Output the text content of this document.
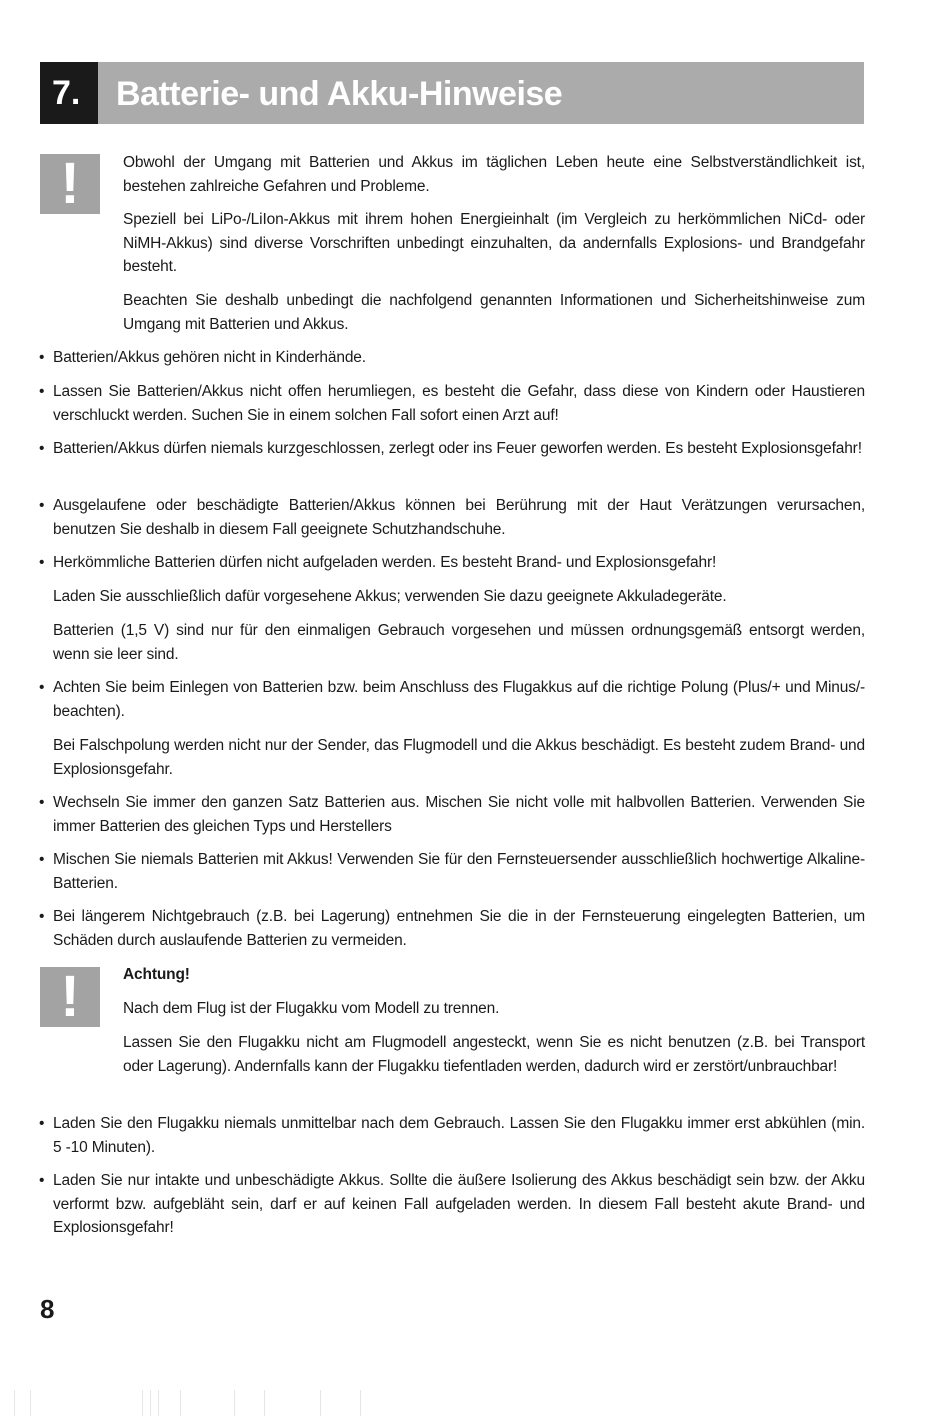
7.	Batterie- und Akku-Hinweise
!	Obwohl der Umgang mit Batterien und Akkus im täglichen Leben heute eine Selbstverständlichkeit ist, bestehen zahlreiche Gefahren und Probleme.
Speziell bei LiPo-/LiIon-Akkus mit ihrem hohen Energieinhalt (im Vergleich zu herkömmlichen NiCd- oder NiMH-Akkus) sind diverse Vorschriften unbedingt einzuhalten, da andernfalls Explosions- und Brandgefahr besteht.
Beachten Sie deshalb unbedingt die nachfolgend genannten Informationen und Sicherheitshinweise zum Umgang mit Batterien und Akkus.
• Batterien/Akkus gehören nicht in Kinderhände.
• Lassen Sie Batterien/Akkus nicht offen herumliegen, es besteht die Gefahr, dass diese von Kindern oder Haustieren verschluckt werden. Suchen Sie in einem solchen Fall sofort einen Arzt auf!
• Batterien/Akkus dürfen niemals kurzgeschlossen, zerlegt oder ins Feuer geworfen werden. Es besteht Explosionsgefahr!
• Ausgelaufene oder beschädigte Batterien/Akkus können bei Berührung mit der Haut Verätzungen verursachen, benutzen Sie deshalb in diesem Fall geeignete Schutzhandschuhe.
• Herkömmliche Batterien dürfen nicht aufgeladen werden. Es besteht Brand- und Explosionsgefahr!
Laden Sie ausschließlich dafür vorgesehene Akkus; verwenden Sie dazu geeignete Akkuladegeräte.
Batterien (1,5 V) sind nur für den einmaligen Gebrauch vorgesehen und müssen ordnungsgemäß entsorgt werden, wenn sie leer sind.
• Achten Sie beim Einlegen von Batterien bzw. beim Anschluss des Flugakkus auf die richtige Polung (Plus/+ und Minus/- beachten).
Bei Falschpolung werden nicht nur der Sender, das Flugmodell und die Akkus beschädigt. Es besteht zudem Brand- und Explosionsgefahr.
• Wechseln Sie immer den ganzen Satz Batterien aus. Mischen Sie nicht volle mit halbvollen Batterien. Verwenden Sie immer Batterien des gleichen Typs und Herstellers
• Mischen Sie niemals Batterien mit Akkus! Verwenden Sie für den Fernsteuersender ausschließlich hochwertige Alkaline-Batterien.
• Bei längerem Nichtgebrauch (z.B. bei Lagerung) entnehmen Sie die in der Fernsteuerung eingelegten Batterien, um Schäden durch auslaufende Batterien zu vermeiden.
!	Achtung!
Nach dem Flug ist der Flugakku vom Modell zu trennen.
Lassen Sie den Flugakku nicht am Flugmodell angesteckt, wenn Sie es nicht benutzen (z.B. bei Transport oder Lagerung). Andernfalls kann der Flugakku tiefentladen werden, dadurch wird er zerstört/unbrauchbar!
• Laden Sie den Flugakku niemals unmittelbar nach dem Gebrauch. Lassen Sie den Flugakku immer erst abkühlen (min. 5 -10 Minuten).
• Laden Sie nur intakte und unbeschädigte Akkus. Sollte die äußere Isolierung des Akkus beschädigt sein bzw. der Akku verformt bzw. aufgebläht sein, darf er auf keinen Fall aufgeladen werden. In diesem Fall besteht akute Brand- und Explosionsgefahr!
8
